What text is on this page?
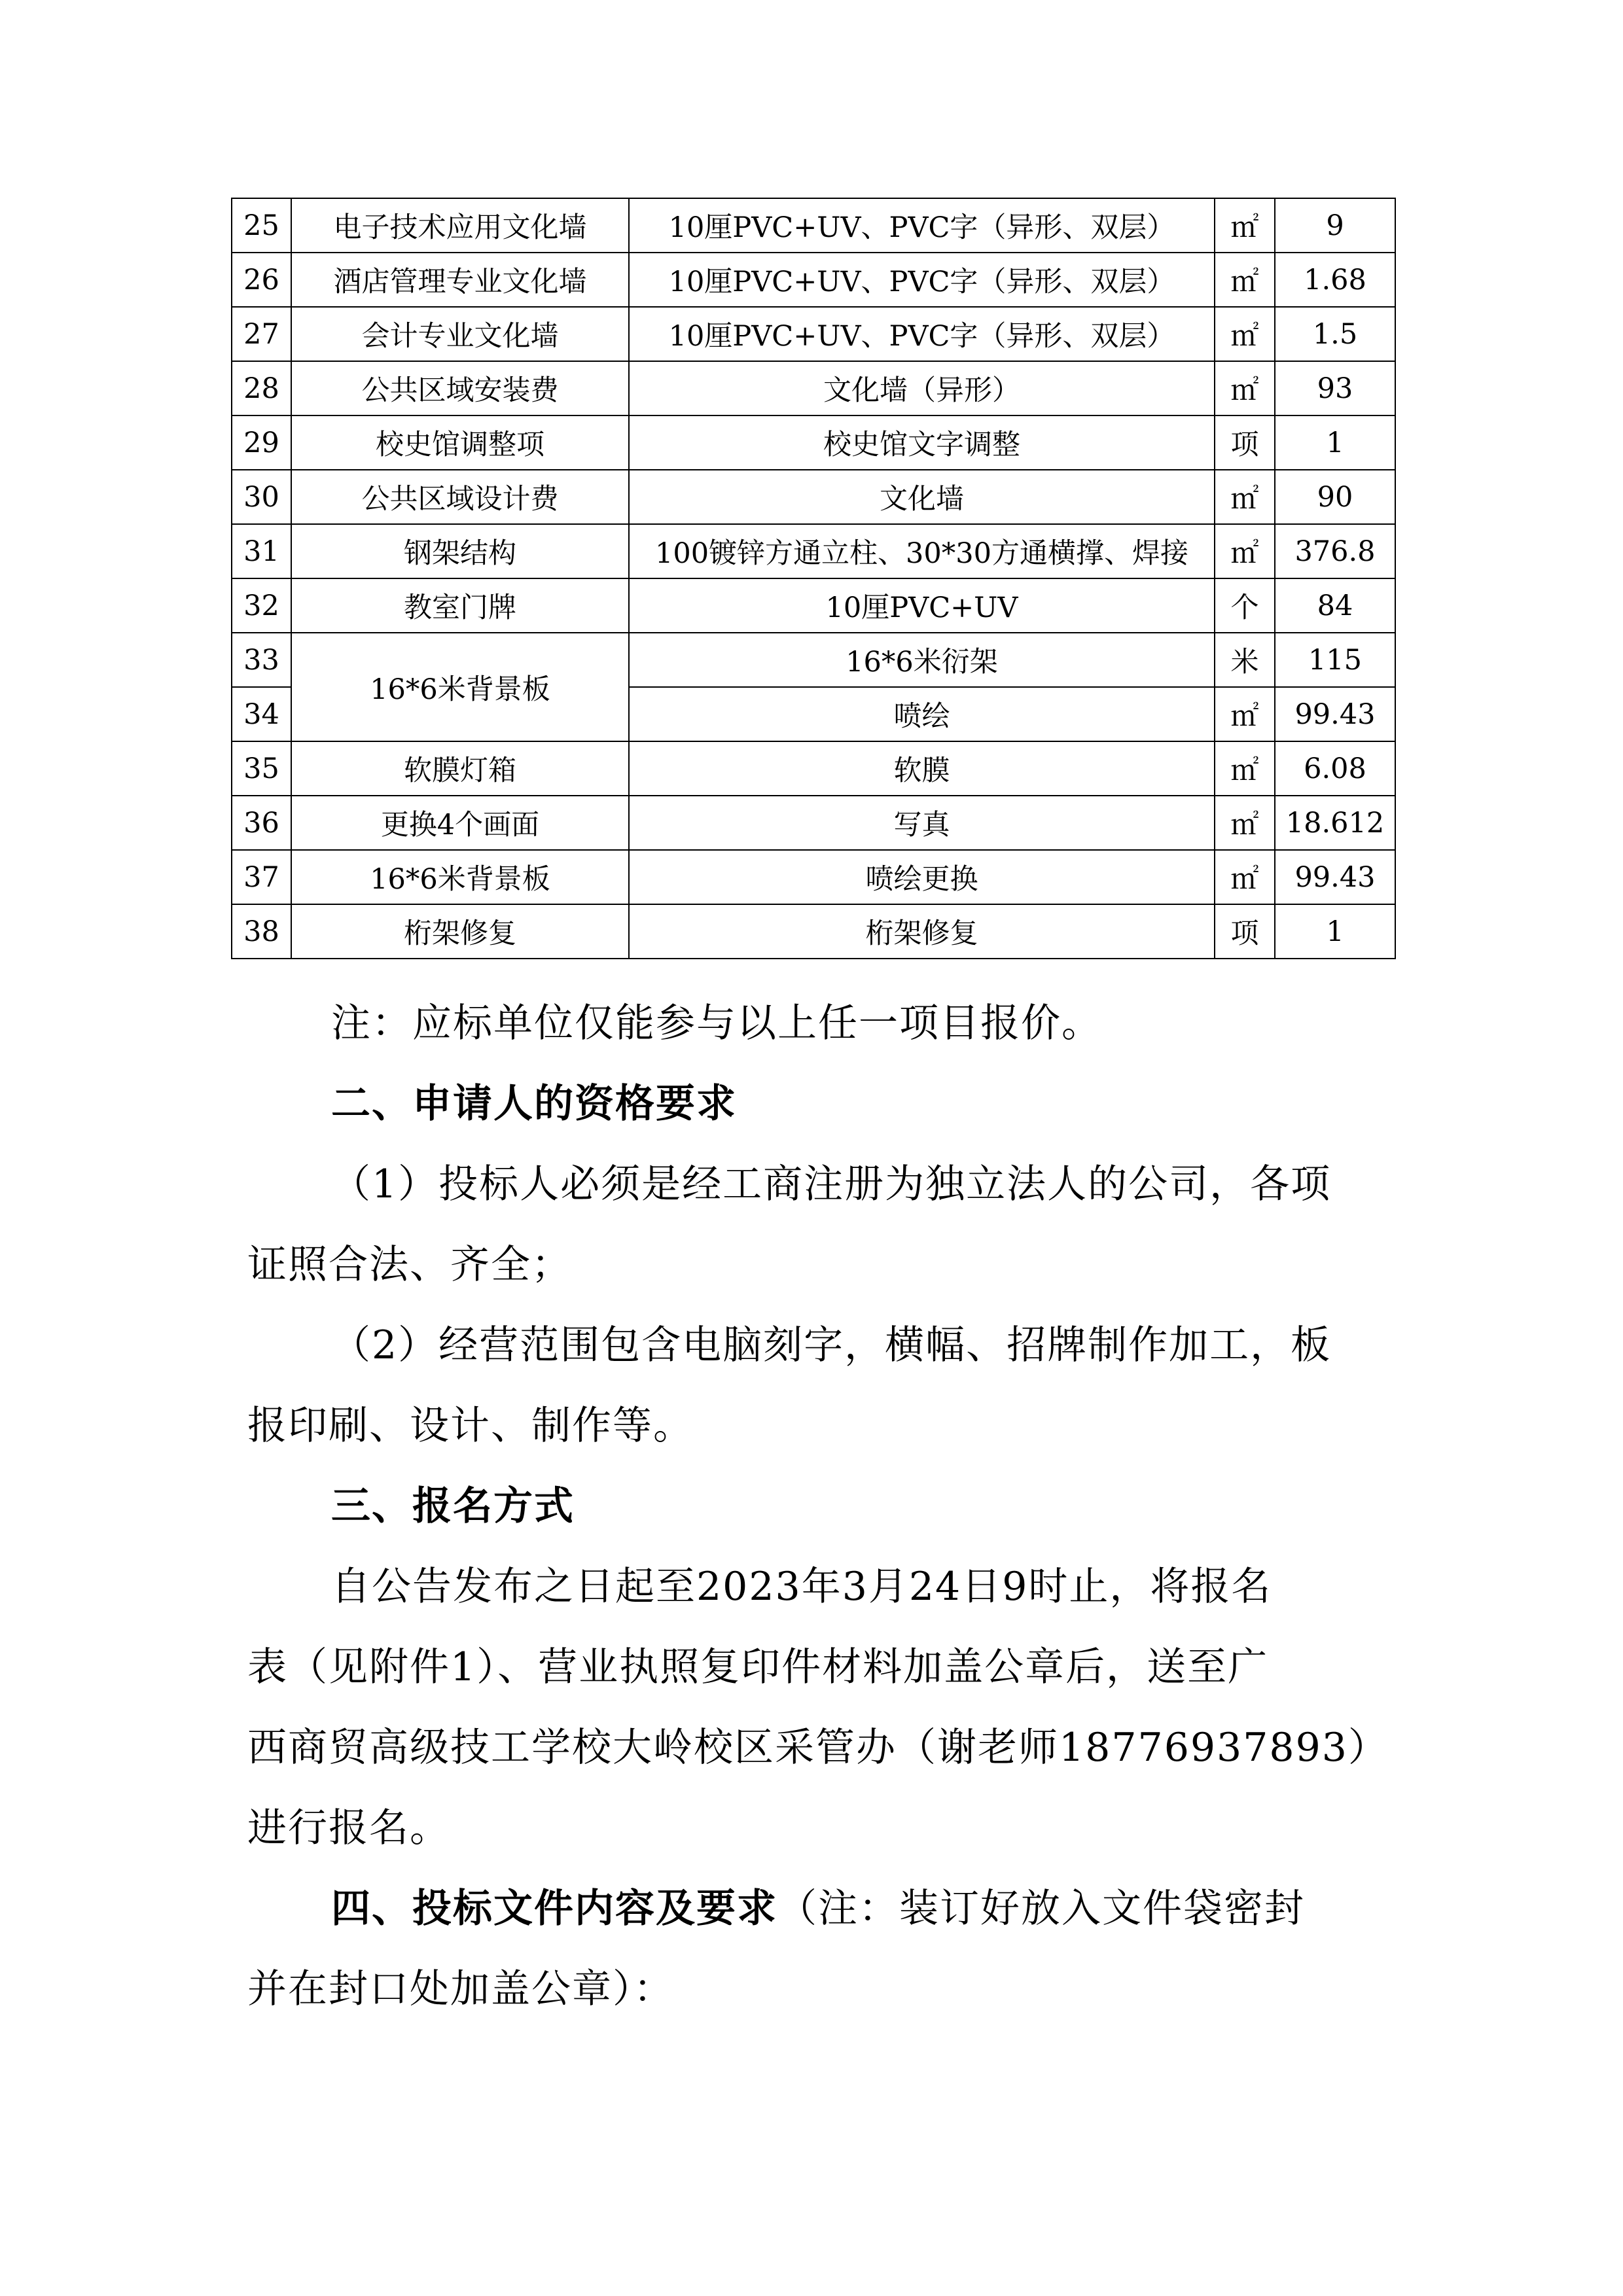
25	电子技术应用文化墙	10厘PVC+UV、PVC字（异形、双层）	㎡	9
26	酒店管理专业文化墙	10厘PVC+UV、PVC字（异形、双层）	㎡	1.68
27	会计专业文化墙	10厘PVC+UV、PVC字（异形、双层）	㎡	1.5
28	公共区域安装费	文化墙（异形）	㎡	93
29	校史馆调整项	校史馆文字调整	项	1
30	公共区域设计费	文化墙	㎡	90
31	钢架结构	100镀锌方通立柱、30*30方通横撑、焊接	㎡	376.8
32	教室门牌	10厘PVC+UV	个	84
33	16*6米背景板	16*6米衍架	米	115
34		喷绘	㎡	99.43
35	软膜灯箱	软膜	㎡	6.08
36	更换4个画面	写真	㎡	18.612
37	16*6米背景板	喷绘更换	㎡	99.43
38	桁架修复	桁架修复	项	1
注：应标单位仅能参与以上任一项目报价。
二、申请人的资格要求
（1）投标人必须是经工商注册为独立法人的公司，各项
证照合法、齐全；
（2）经营范围包含电脑刻字，横幅、招牌制作加工，板
报印刷、设计、制作等。
三、报名方式
自公告发布之日起至2023年3月24日9时止，将报名
表（见附件1）、营业执照复印件材料加盖公章后，送至广
西商贸高级技工学校大岭校区采管办（谢老师18776937893）
进行报名。
四、投标文件内容及要求（注：装订好放入文件袋密封
并在封口处加盖公章）：
